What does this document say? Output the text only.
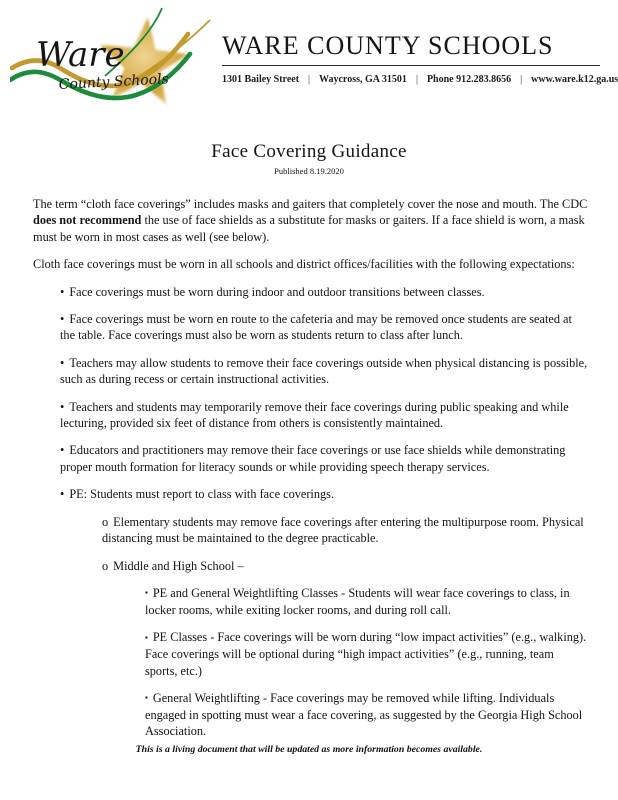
Ware
County Schools
WARE COUNTY SCHOOLS
1301 Bailey Street | Waycross, GA 31501 | Phone 912.283.8656 | www.ware.k12.ga.us
Face Covering Guidance
Published 8.19.2020

The term “cloth face coverings” includes masks and gaiters that completely cover the nose and mouth. The CDC does not recommend the use of face shields as a substitute for masks or gaiters. If a face shield is worn, a mask must be worn in most cases as well (see below).

Cloth face coverings must be worn in all schools and district offices/facilities with the following expectations:

• Face coverings must be worn during indoor and outdoor transitions between classes.

• Face coverings must be worn en route to the cafeteria and may be removed once students are seated at the table. Face coverings must also be worn as students return to class after lunch.

• Teachers may allow students to remove their face coverings outside when physical distancing is possible, such as during recess or certain instructional activities.

• Teachers and students may temporarily remove their face coverings during public speaking and while lecturing, provided six feet of distance from others is consistently maintained.

• Educators and practitioners may remove their face coverings or use face shields while demonstrating proper mouth formation for literacy sounds or while providing speech therapy services.

• PE: Students must report to class with face coverings.

o Elementary students may remove face coverings after entering the multipurpose room. Physical distancing must be maintained to the degree practicable.

o Middle and High School –

▪ PE and General Weightlifting Classes - Students will wear face coverings to class, in locker rooms, while exiting locker rooms, and during roll call.

▪ PE Classes - Face coverings will be worn during “low impact activities” (e.g., walking). Face coverings will be optional during “high impact activities” (e.g., running, team sports, etc.)

▪ General Weightlifting - Face coverings may be removed while lifting. Individuals engaged in spotting must wear a face covering, as suggested by the Georgia High School Association.

This is a living document that will be updated as more information becomes available.
